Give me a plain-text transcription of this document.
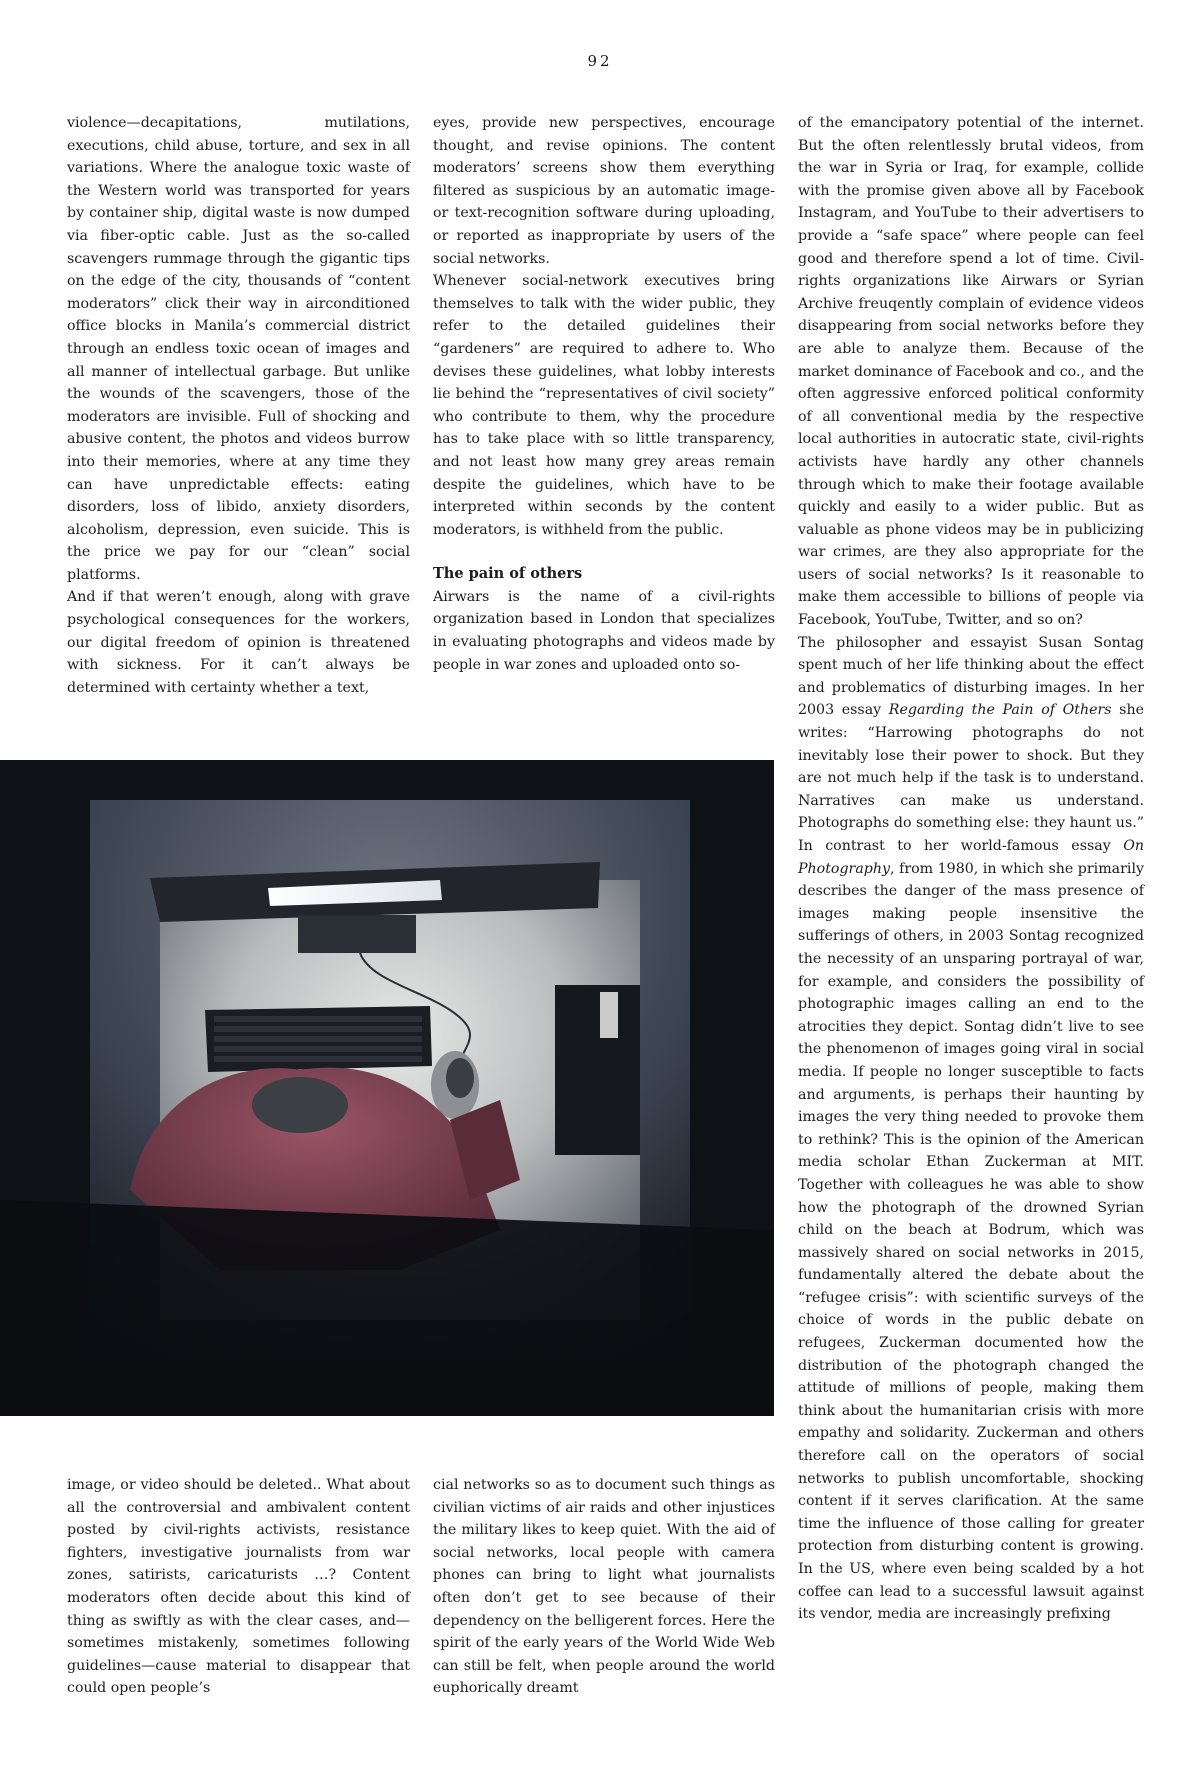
92

violence—decapitations, mutilations, executions, child abuse, torture, and sex in all variations. Where the analogue toxic waste of the Western world was transported for years by container ship, digital waste is now dumped via fiber-optic cable. Just as the so-called scavengers rummage through the gigantic tips on the edge of the city, thousands of “content moderators” click their way in airconditioned office blocks in Manila’s commercial district through an endless toxic ocean of images and all manner of intellectual garbage. But unlike the wounds of the scavengers, those of the moderators are invisible. Full of shocking and abusive content, the photos and videos burrow into their memories, where at any time they can have unpredictable effects: eating disorders, loss of libido, anxiety disorders, alcoholism, depression, even suicide. This is the price we pay for our “clean” social platforms.

And if that weren’t enough, along with grave psychological consequences for the workers, our digital freedom of opinion is threatened with sickness. For it can’t always be determined with certainty whether a text,

eyes, provide new perspectives, encourage thought, and revise opinions. The content moderators’ screens show them everything filtered as suspicious by an automatic image- or text-recognition software during uploading, or reported as inappropriate by users of the social networks.

Whenever social-network executives bring themselves to talk with the wider public, they refer to the detailed guidelines their “gardeners” are required to adhere to. Who devises these guidelines, what lobby interests lie behind the “representatives of civil society” who contribute to them, why the procedure has to take place with so little transparency, and not least how many grey areas remain despite the guidelines, which have to be interpreted within seconds by the content moderators, is withheld from the public.

The pain of others

Airwars is the name of a civil-rights organization based in London that specializes in evaluating photographs and videos made by people in war zones and uploaded onto so-

of the emancipatory potential of the internet. But the often relentlessly brutal videos, from the war in Syria or Iraq, for example, collide with the promise given above all by Facebook Instagram, and YouTube to their advertisers to provide a “safe space” where people can feel good and therefore spend a lot of time. Civil-rights organizations like Airwars or Syrian Archive freuqently complain of evidence videos disappearing from social networks before they are able to analyze them. Because of the market dominance of Facebook and co., and the often aggressive enforced political conformity of all conventional media by the respective local authorities in autocratic state, civil-rights activists have hardly any other channels through which to make their footage available quickly and easily to a wider public. But as valuable as phone videos may be in publicizing war crimes, are they also appropriate for the users of social networks? Is it reasonable to make them accessible to billions of people via Facebook, YouTube, Twitter, and so on?

The philosopher and essayist Susan Sontag spent much of her life thinking about the effect and problematics of disturbing images. In her 2003 essay Regarding the Pain of Others she writes: “Harrowing photographs do not inevitably lose their power to shock. But they are not much help if the task is to understand. Narratives can make us understand. Photographs do something else: they haunt us.” In contrast to her world-famous essay On Photography, from 1980, in which she primarily describes the danger of the mass presence of images making people insensitive the sufferings of others, in 2003 Sontag recognized the necessity of an unsparing portrayal of war, for example, and considers the possibility of photographic images calling an end to the atrocities they depict. Sontag didn’t live to see the phenomenon of images going viral in social media. If people no longer susceptible to facts and arguments, is perhaps their haunting by images the very thing needed to provoke them to rethink? This is the opinion of the American media scholar Ethan Zuckerman at MIT. Together with colleagues he was able to show how the photograph of the drowned Syrian child on the beach at Bodrum, which was massively shared on social networks in 2015, fundamentally altered the debate about the “refugee crisis”: with scientific surveys of the choice of words in the public debate on refugees, Zuckerman documented how the distribution of the photograph changed the attitude of millions of people, making them think about the humanitarian crisis with more empathy and solidarity. Zuckerman and others therefore call on the operators of social networks to publish uncomfortable, shocking content if it serves clarification. At the same time the influence of those calling for greater protection from disturbing content is growing. In the US, where even being scalded by a hot coffee can lead to a successful lawsuit against its vendor, media are increasingly prefixing

image, or video should be deleted.. What about all the controversial and ambivalent content posted by civil-rights activists, resistance fighters, investigative journalists from war zones, satirists, caricaturists …? Content moderators often decide about this kind of thing as swiftly as with the clear cases, and—sometimes mistakenly, sometimes following guidelines—cause material to disappear that could open people’s

cial networks so as to document such things as civilian victims of air raids and other injustices the military likes to keep quiet. With the aid of social networks, local people with camera phones can bring to light what journalists often don’t get to see because of their dependency on the belligerent forces. Here the spirit of the early years of the World Wide Web can still be felt, when people around the world euphorically dreamt
